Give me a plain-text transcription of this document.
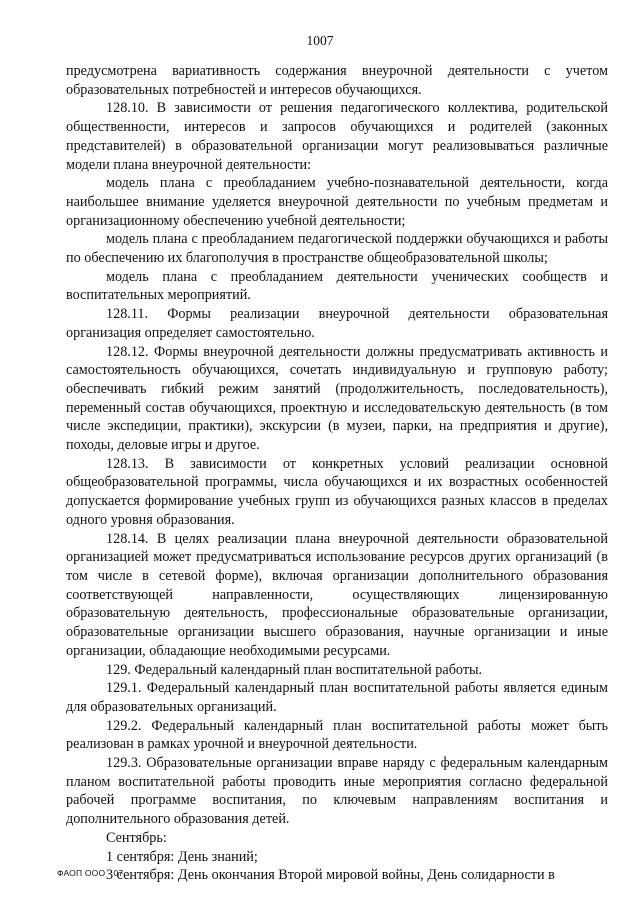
1007

предусмотрена вариативность содержания внеурочной деятельности с учетом образовательных потребностей и интересов обучающихся.

128.10. В зависимости от решения педагогического коллектива, родительской общественности, интересов и запросов обучающихся и родителей (законных представителей) в образовательной организации могут реализовываться различные модели плана внеурочной деятельности:

модель плана с преобладанием учебно-познавательной деятельности, когда наибольшее внимание уделяется внеурочной деятельности по учебным предметам и организационному обеспечению учебной деятельности;

модель плана с преобладанием педагогической поддержки обучающихся и работы по обеспечению их благополучия в пространстве общеобразовательной школы;

модель плана с преобладанием деятельности ученических сообществ и воспитательных мероприятий.

128.11. Формы реализации внеурочной деятельности образовательная организация определяет самостоятельно.

128.12. Формы внеурочной деятельности должны предусматривать активность и самостоятельность обучающихся, сочетать индивидуальную и групповую работу; обеспечивать гибкий режим занятий (продолжительность, последовательность), переменный состав обучающихся, проектную и исследовательскую деятельность (в том числе экспедиции, практики), экскурсии (в музеи, парки, на предприятия и другие), походы, деловые игры и другое.

128.13. В зависимости от конкретных условий реализации основной общеобразовательной программы, числа обучающихся и их возрастных особенностей допускается формирование учебных групп из обучающихся разных классов в пределах одного уровня образования.

128.14. В целях реализации плана внеурочной деятельности образовательной организацией может предусматриваться использование ресурсов других организаций (в том числе в сетевой форме), включая организации дополнительного образования соответствующей направленности, осуществляющих лицензированную образовательную деятельность, профессиональные образовательные организации, образовательные организации высшего образования, научные организации и иные организации, обладающие необходимыми ресурсами.

129. Федеральный календарный план воспитательной работы.

129.1. Федеральный календарный план воспитательной работы является единым для образовательных организаций.

129.2. Федеральный календарный план воспитательной работы может быть реализован в рамках урочной и внеурочной деятельности.

129.3. Образовательные организации вправе наряду с федеральным календарным планом воспитательной работы проводить иные мероприятия согласно федеральной рабочей программе воспитания, по ключевым направлениям воспитания и дополнительного образования детей.

Сентябрь:

1 сентября: День знаний;

3 сентября: День окончания Второй мировой войны, День солидарности в

ФАОП ООО - 07
